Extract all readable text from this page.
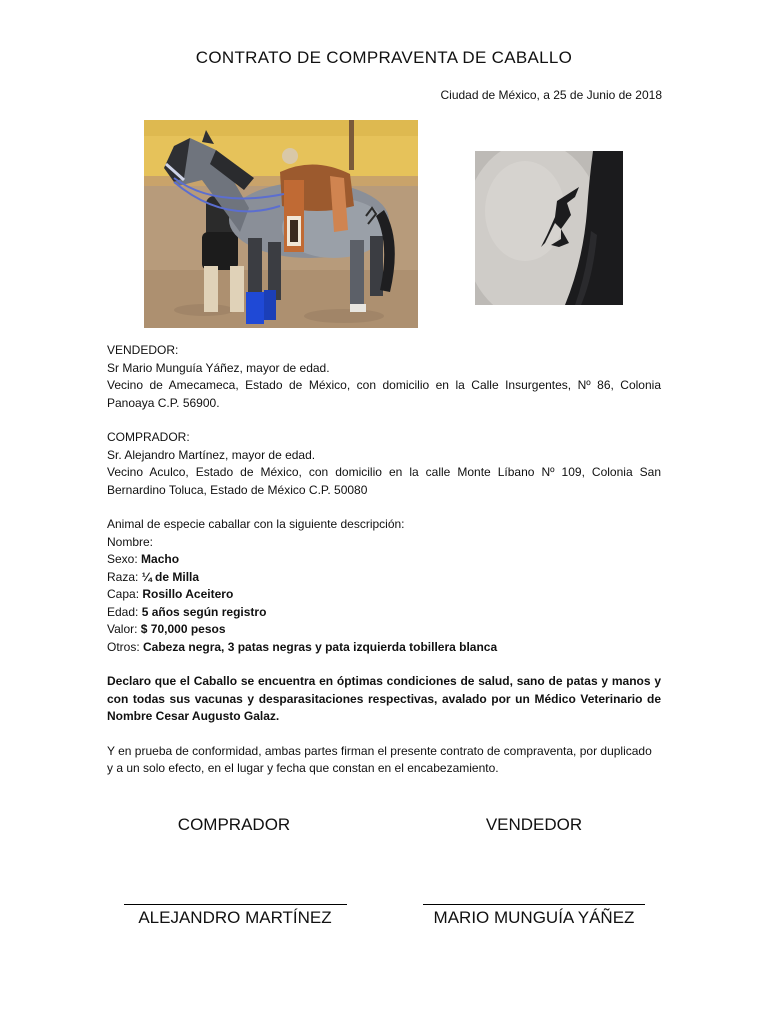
CONTRATO DE COMPRAVENTA DE CABALLO
Ciudad de México, a 25 de Junio de 2018
VENDEDOR:
Sr Mario Munguía Yáñez, mayor de edad.
Vecino de Amecameca, Estado de México, con domicilio en la Calle Insurgentes, Nº 86, Colonia Panoaya C.P. 56900.
COMPRADOR:
Sr. Alejandro Martínez, mayor de edad.
Vecino Aculco, Estado de México, con domicilio en la calle Monte Líbano Nº 109, Colonia San Bernardino Toluca, Estado de México C.P. 50080
Animal de especie caballar con la siguiente descripción:
Nombre:
Sexo: Macho
Raza: ¼ de Milla
Capa: Rosillo Aceitero
Edad: 5 años según registro
Valor: $ 70,000 pesos
Otros: Cabeza negra, 3 patas negras y pata izquierda tobillera blanca
Declaro que el Caballo se encuentra en óptimas condiciones de salud, sano de patas y manos y con todas sus vacunas y desparasitaciones respectivas, avalado por un Médico Veterinario de Nombre Cesar Augusto Galaz.
Y en prueba de conformidad, ambas partes firman el presente contrato de compraventa, por duplicado y a un solo efecto, en el lugar y fecha que constan en el encabezamiento.
COMPRADOR	VENDEDOR
ALEJANDRO MARTÍNEZ	MARIO MUNGUÍA YÁÑEZ
